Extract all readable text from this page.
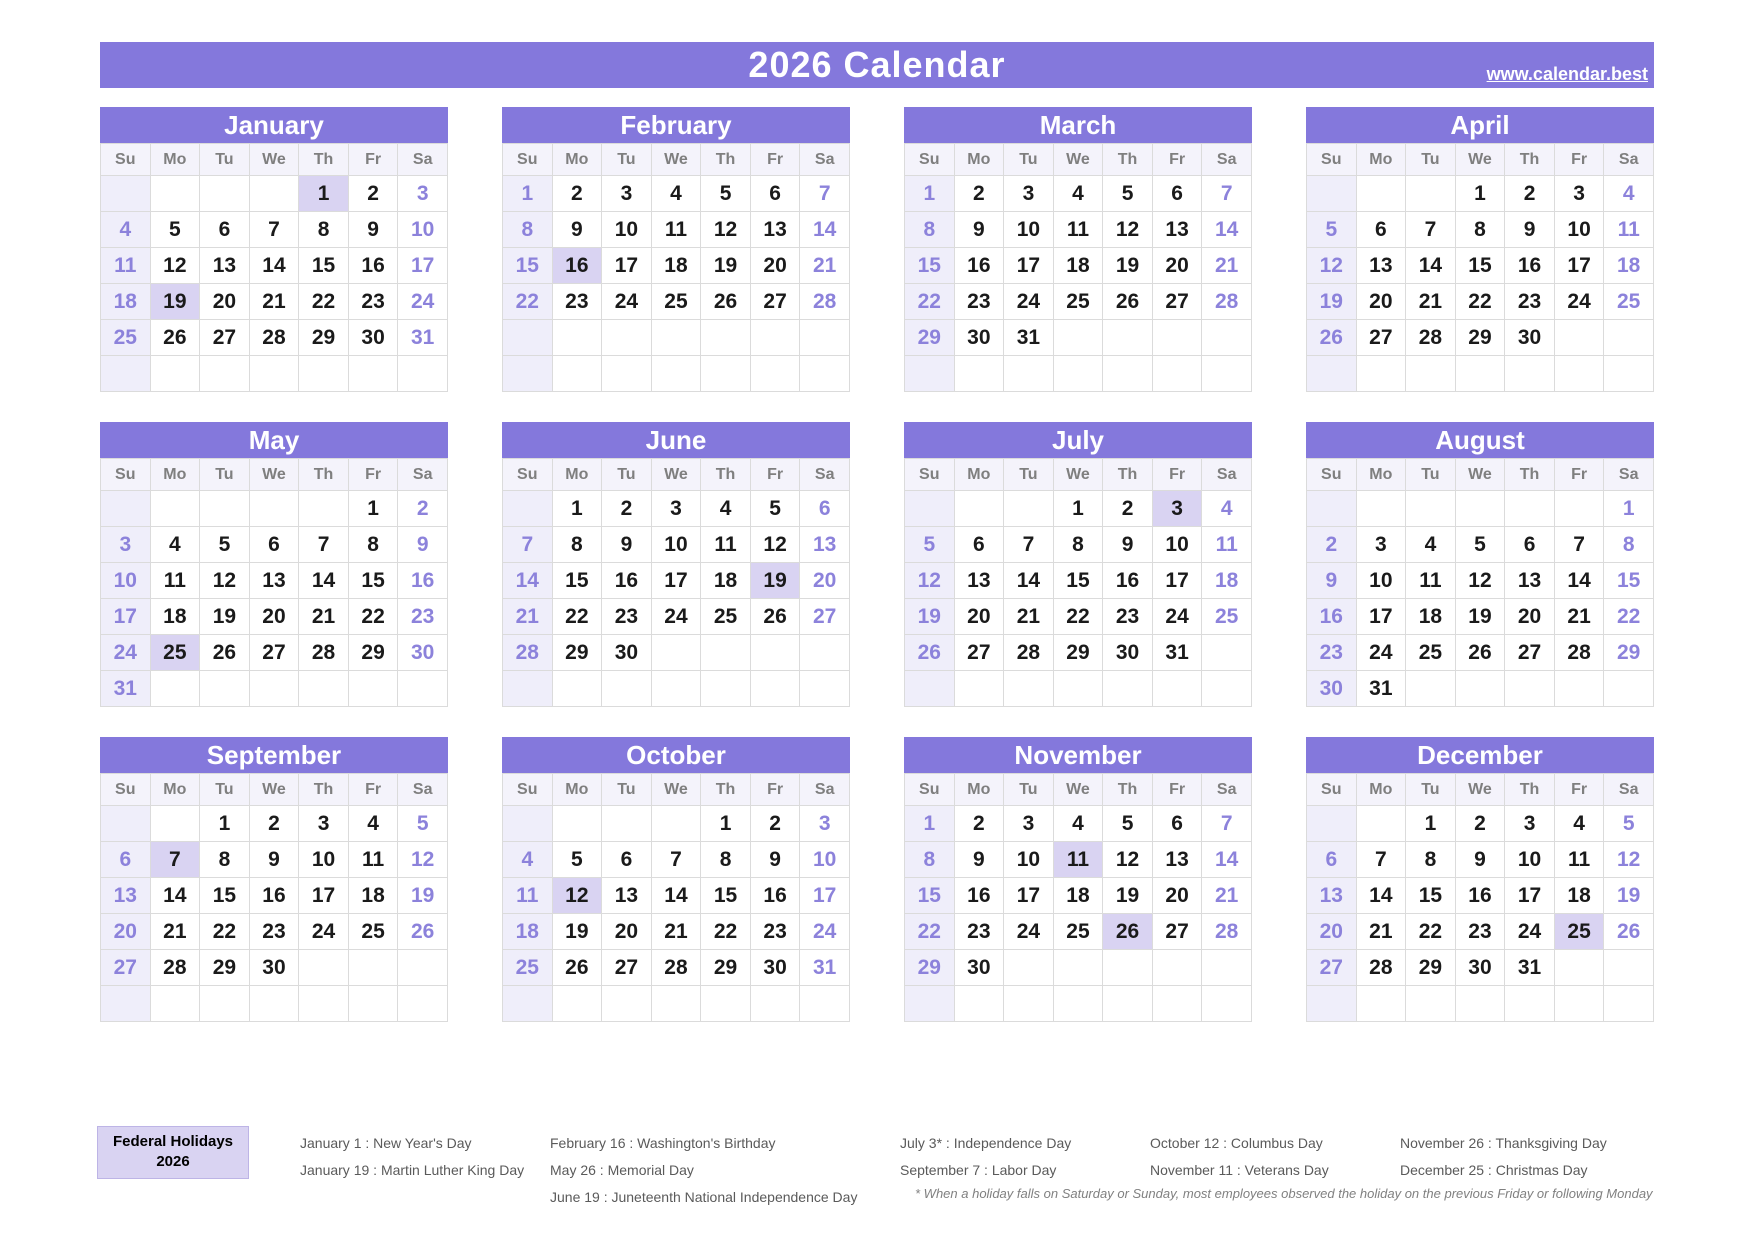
2026 Calendar	www.calendar.best
January
Su	Mo	Tu	We	Th	Fr	Sa
				1	2	3
4	5	6	7	8	9	10
11	12	13	14	15	16	17
18	19	20	21	22	23	24
25	26	27	28	29	30	31

February
Su	Mo	Tu	We	Th	Fr	Sa
1	2	3	4	5	6	7
8	9	10	11	12	13	14
15	16	17	18	19	20	21
22	23	24	25	26	27	28

March
Su	Mo	Tu	We	Th	Fr	Sa
1	2	3	4	5	6	7
8	9	10	11	12	13	14
15	16	17	18	19	20	21
22	23	24	25	26	27	28
29	30	31				

April
Su	Mo	Tu	We	Th	Fr	Sa
			1	2	3	4
5	6	7	8	9	10	11
12	13	14	15	16	17	18
19	20	21	22	23	24	25
26	27	28	29	30		

May
Su	Mo	Tu	We	Th	Fr	Sa
					1	2
3	4	5	6	7	8	9
10	11	12	13	14	15	16
17	18	19	20	21	22	23
24	25	26	27	28	29	30
31						
June
Su	Mo	Tu	We	Th	Fr	Sa
	1	2	3	4	5	6
7	8	9	10	11	12	13
14	15	16	17	18	19	20
21	22	23	24	25	26	27
28	29	30				

July
Su	Mo	Tu	We	Th	Fr	Sa
			1	2	3	4
5	6	7	8	9	10	11
12	13	14	15	16	17	18
19	20	21	22	23	24	25
26	27	28	29	30	31	

August
Su	Mo	Tu	We	Th	Fr	Sa
						1
2	3	4	5	6	7	8
9	10	11	12	13	14	15
16	17	18	19	20	21	22
23	24	25	26	27	28	29
30	31					
September
Su	Mo	Tu	We	Th	Fr	Sa
		1	2	3	4	5
6	7	8	9	10	11	12
13	14	15	16	17	18	19
20	21	22	23	24	25	26
27	28	29	30			

October
Su	Mo	Tu	We	Th	Fr	Sa
				1	2	3
4	5	6	7	8	9	10
11	12	13	14	15	16	17
18	19	20	21	22	23	24
25	26	27	28	29	30	31

November
Su	Mo	Tu	We	Th	Fr	Sa
1	2	3	4	5	6	7
8	9	10	11	12	13	14
15	16	17	18	19	20	21
22	23	24	25	26	27	28
29	30					

December
Su	Mo	Tu	We	Th	Fr	Sa
		1	2	3	4	5
6	7	8	9	10	11	12
13	14	15	16	17	18	19
20	21	22	23	24	25	26
27	28	29	30	31		

Federal Holidays
2026
January 1 : New Year's Day
January 19 : Martin Luther King Day
February 16 : Washington's Birthday
May 26 : Memorial Day
June 19 : Juneteenth National Independence Day
July 3* : Independence Day
September 7 : Labor Day
October 12 : Columbus Day
November 11 : Veterans Day
November 26 : Thanksgiving Day
December 25 : Christmas Day
* When a holiday falls on Saturday or Sunday, most employees observed the holiday on the previous Friday or following Monday
